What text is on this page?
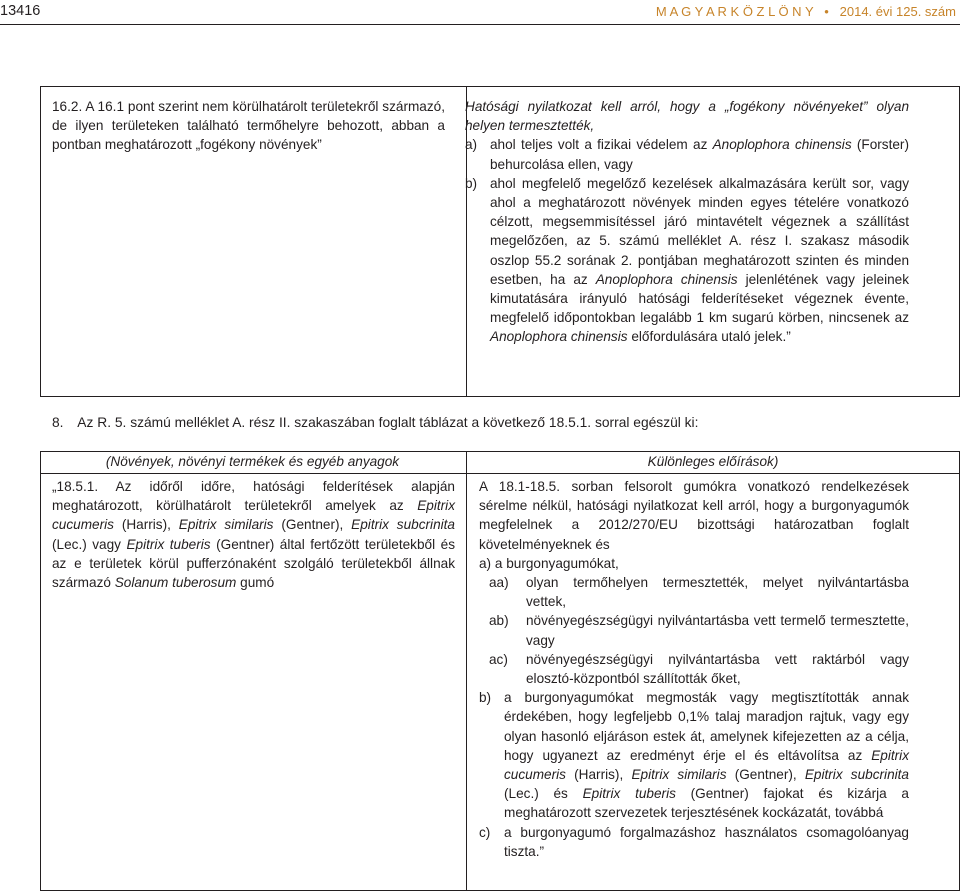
13416	M A G Y A R K Ö Z L Ö N Y   •   2014. évi 125. szám
16.2. A 16.1 pont szerint nem körülhatárolt területekről származó, de ilyen területeken található termőhelyre behozott, abban a pontban meghatározott „fogékony növények”
Hatósági nyilatkozat kell arról, hogy a „fogékony növényeket” olyan helyen termesztették,
a) ahol teljes volt a fizikai védelem az Anoplophora chinensis (Forster) behurcolása ellen, vagy
b) ahol megfelelő megelőző kezelések alkalmazására került sor, vagy ahol a meghatározott növények minden egyes tételére vonatkozó célzott, megsemmisítéssel járó mintavételt végeznek a szállítást megelőzően, az 5. számú melléklet A. rész I. szakasz második oszlop 55.2 sorának 2. pontjában meghatározott szinten és minden esetben, ha az Anoplophora chinensis jelenlétének vagy jeleinek kimutatására irányuló hatósági felderítéseket végeznek évente, megfelelő időpontokban legalább 1 km sugarú körben, nincsenek az Anoplophora chinensis előfordulására utaló jelek.”
8. Az R. 5. számú melléklet A. rész II. szakaszában foglalt táblázat a következő 18.5.1. sorral egészül ki:
(Növények, növényi termékek és egyéb anyagok	Különleges előírások)
„18.5.1. Az időről időre, hatósági felderítések alapján meghatározott, körülhatárolt területekről amelyek az Epitrix cucumeris (Harris), Epitrix similaris (Gentner), Epitrix subcrinita (Lec.) vagy Epitrix tuberis (Gentner) által fertőzött területekből és az e területek körül pufferzónaként szolgáló területekből állnak származó Solanum tuberosum gumó
A 18.1-18.5. sorban felsorolt gumókra vonatkozó rendelkezések sérelme nélkül, hatósági nyilatkozat kell arról, hogy a burgonyagumók megfelelnek a 2012/270/EU bizottsági határozatban foglalt követelményeknek és
a) a burgonyagumókat,
aa) olyan termőhelyen termesztették, melyet nyilvántartásba vettek,
ab) növényegészségügyi nyilvántartásba vett termelő termesztette, vagy
ac) növényegészségügyi nyilvántartásba vett raktárból vagy elosztó-központból szállították őket,
b) a burgonyagumókat megmosták vagy megtisztították annak érdekében, hogy legfeljebb 0,1% talaj maradjon rajtuk, vagy egy olyan hasonló eljáráson estek át, amelynek kifejezetten az a célja, hogy ugyanezt az eredményt érje el és eltávolítsa az Epitrix cucumeris (Harris), Epitrix similaris (Gentner), Epitrix subcrinita (Lec.) és Epitrix tuberis (Gentner) fajokat és kizárja a meghatározott szervezetek terjesztésének kockázatát, továbbá
c) a burgonyagumó forgalmazáshoz használatos csomagolóanyag tiszta.”
